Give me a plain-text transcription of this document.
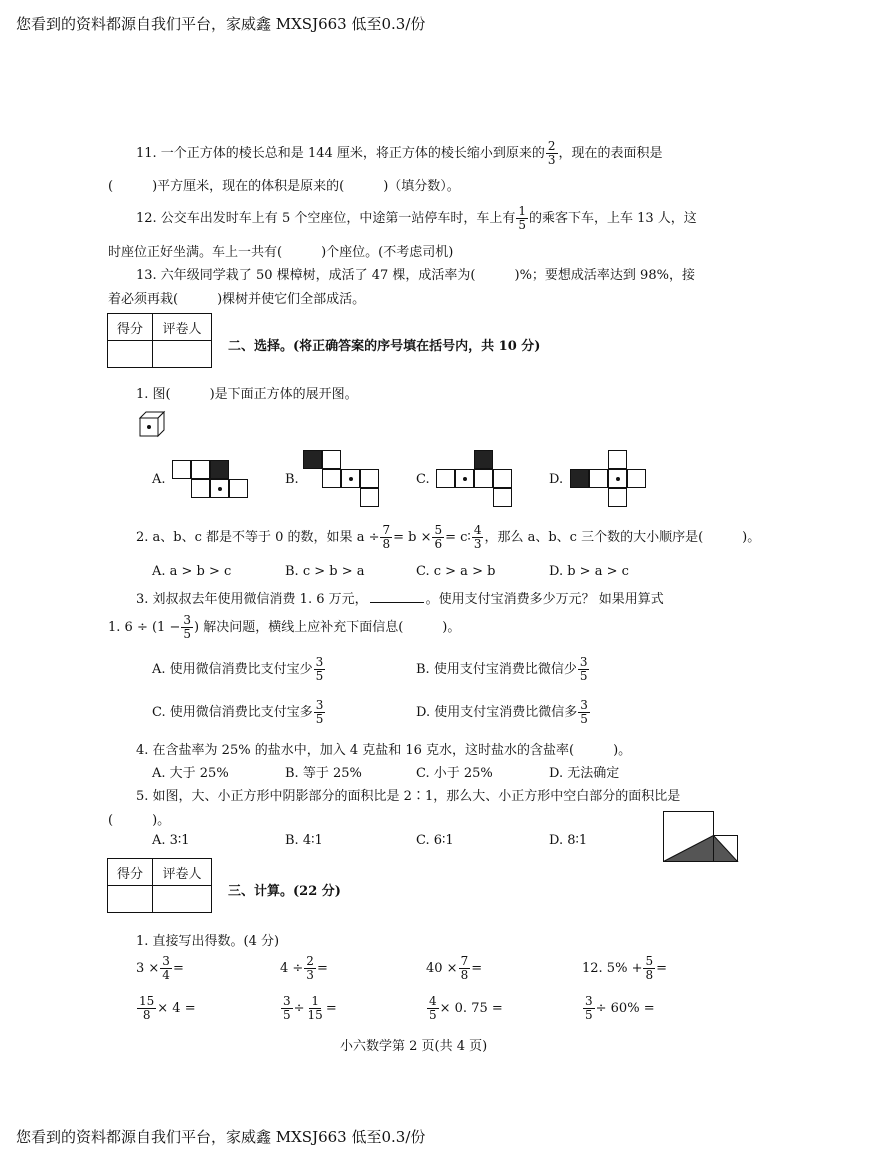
您看到的资料都源自我们平台，家威鑫 MXSJ663 低至0.3/份
11. 一个正方体的棱长总和是 144 厘米，将正方体的棱长缩小到原来的 $\frac{2}{3}$ ，现在的表面积是
(　　　)平方厘米，现在的体积是原来的(　　　)（填分数）。
12. 公交车出发时车上有 5 个空座位，中途第一站停车时，车上有 $\frac{1}{5}$ 的乘客下车，上车 13 人，这
时座位正好坐满。车上一共有(　　　)个座位。(不考虑司机)
13. 六年级同学栽了 50 棵樟树，成活了 47 棵，成活率为(　　　)%；要想成活率达到 98%，接
着必须再栽(　　　)棵树并使它们全部成活。
得分	评卷人

二、选择。(将正确答案的序号填在括号内，共 10 分)
1. 图(　　　)是下面正方体的展开图。
A.	B.	C.	D.
2. a、b、c 都是不等于 0 的数，如果 $a \div \frac{7}{8} = b \times \frac{5}{6}$ = c∶ $\frac{4}{3}$ ，那么 a、b、c 三个数的大小顺序是(　　　)。
A. a > b > c	B. c > b > a	C. c > a > b	D. b > a > c
3. 刘叔叔去年使用微信消费 1. 6 万元，	。使用支付宝消费多少万元？ 如果用算式
1. $6 \div (1 - \frac{3}{5}$ ) 解决问题，横线上应补充下面信息(　　　)。
A. 使用微信消费比支付宝少 $\frac{3}{5}$	B. 使用支付宝消费比微信少 $\frac{3}{5}$
C. 使用微信消费比支付宝多 $\frac{3}{5}$	D. 使用支付宝消费比微信多 $\frac{3}{5}$
4. 在含盐率为 25% 的盐水中，加入 4 克盐和 16 克水，这时盐水的含盐率(　　　)。
A. 大于 25%	B. 等于 25%	C. 小于 25%	D. 无法确定
5. 如图，大、小正方形中阴影部分的面积比是 2∶1，那么大、小正方形中空白部分的面积比是
(　　　)。
A. 3∶1	B. 4∶1	C. 6∶1	D. 8∶1
得分	评卷人

三、计算。(22 分)
1. 直接写出得数。(4 分)
$3 \times \frac{3}{4}$ =	$4 \div \frac{2}{3}$ =	$40 \times \frac{7}{8}$ =	12. $5\% + \frac{5}{8}$ =
$\frac{15}{8} \times 4$ =	$\frac{3}{5} \div \frac{1}{15}$ =	$\frac{4}{5} \times 0$. 75 =	$\frac{3}{5} \div 60\%$ =
小六数学第 2 页(共 4 页)
您看到的资料都源自我们平台，家威鑫 MXSJ663 低至0.3/份
